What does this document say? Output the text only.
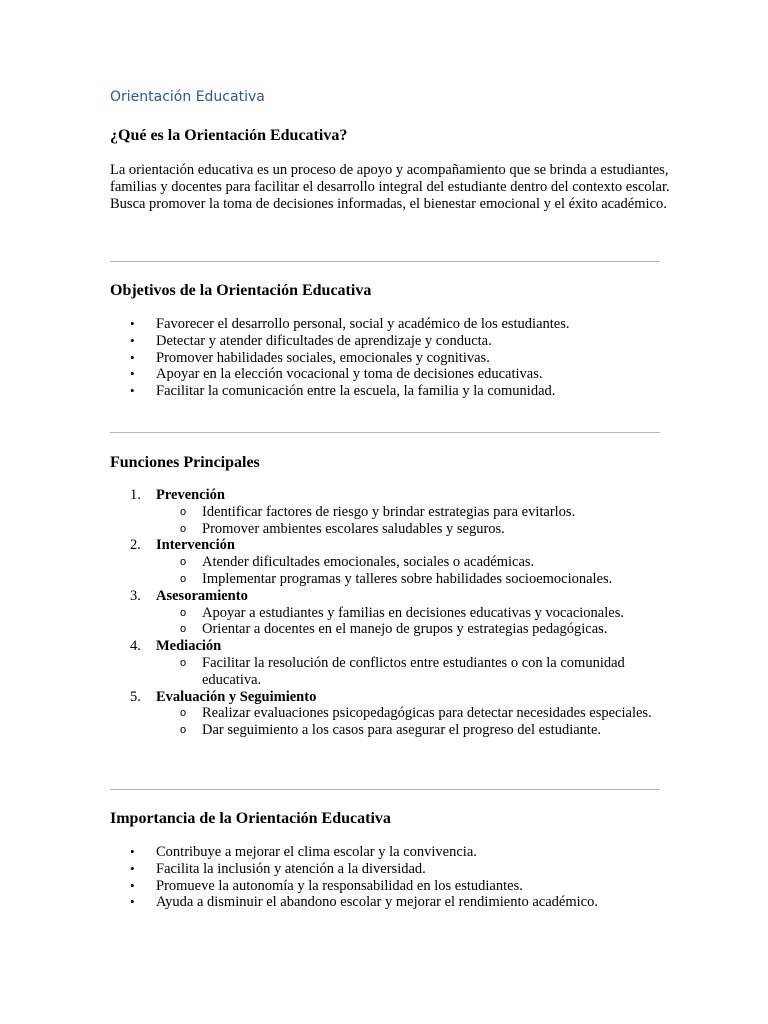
Orientación Educativa
¿Qué es la Orientación Educativa?

La orientación educativa es un proceso de apoyo y acompañamiento que se brinda a estudiantes, familias y docentes para facilitar el desarrollo integral del estudiante dentro del contexto escolar. Busca promover la toma de decisiones informadas, el bienestar emocional y el éxito académico.

Objetivos de la Orientación Educativa
• Favorecer el desarrollo personal, social y académico de los estudiantes.
• Detectar y atender dificultades de aprendizaje y conducta.
• Promover habilidades sociales, emocionales y cognitivas.
• Apoyar en la elección vocacional y toma de decisiones educativas.
• Facilitar la comunicación entre la escuela, la familia y la comunidad.
Funciones Principales
1. Prevención
o Identificar factores de riesgo y brindar estrategias para evitarlos.
o Promover ambientes escolares saludables y seguros.
2. Intervención
o Atender dificultades emocionales, sociales o académicas.
o Implementar programas y talleres sobre habilidades socioemocionales.
3. Asesoramiento
o Apoyar a estudiantes y familias en decisiones educativas y vocacionales.
o Orientar a docentes en el manejo de grupos y estrategias pedagógicas.
4. Mediación
o Facilitar la resolución de conflictos entre estudiantes o con la comunidad educativa.
5. Evaluación y Seguimiento
o Realizar evaluaciones psicopedagógicas para detectar necesidades especiales.
o Dar seguimiento a los casos para asegurar el progreso del estudiante.
Importancia de la Orientación Educativa
• Contribuye a mejorar el clima escolar y la convivencia.
• Facilita la inclusión y atención a la diversidad.
• Promueve la autonomía y la responsabilidad en los estudiantes.
• Ayuda a disminuir el abandono escolar y mejorar el rendimiento académico.
